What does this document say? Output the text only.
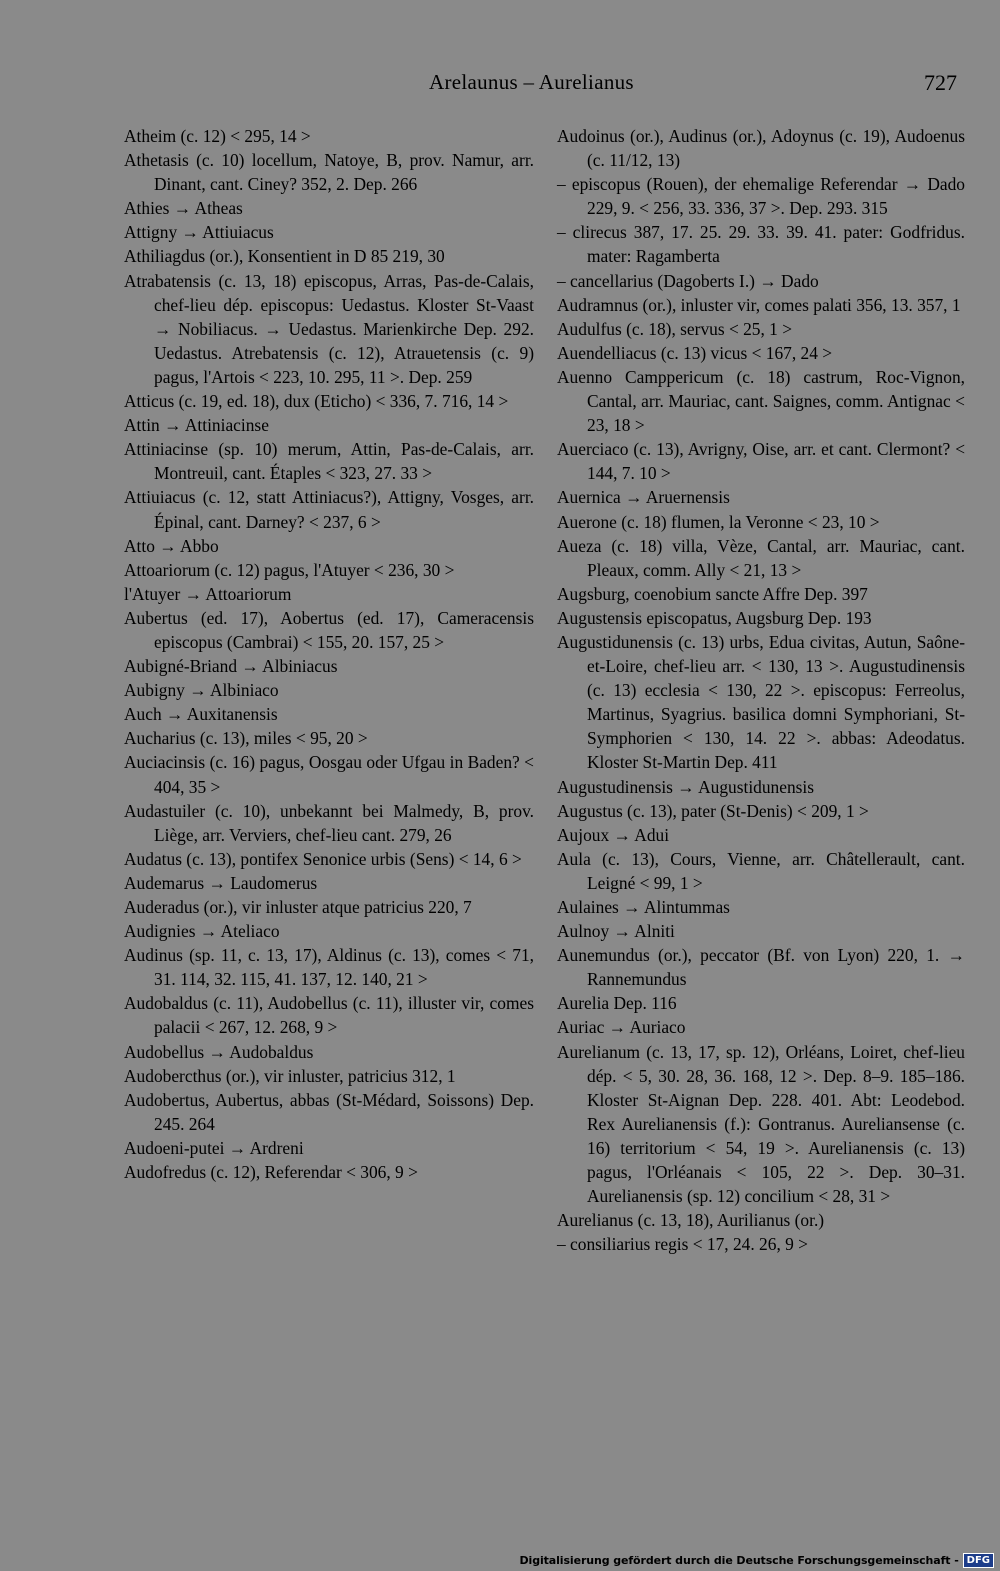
Arelaunus – Aurelianus	727
Atheim (c. 12) < 295, 14 >
Athetasis (c. 10) locellum, Natoye, B, prov. Namur, arr. Dinant, cant. Ciney? 352, 2. Dep. 266
Athies → Atheas
Attigny → Attiuiacus
Athiliagdus (or.), Konsentient in D 85 219, 30
Atrabatensis (c. 13, 18) episcopus, Arras, Pas-de-Calais, chef-lieu dép. episcopus: Uedastus. Kloster St-Vaast → Nobiliacus. → Uedastus. Marienkirche Dep. 292. Uedastus. Atrebatensis (c. 12), Atrauetensis (c. 9) pagus, l'Artois < 223, 10. 295, 11 >. Dep. 259
Atticus (c. 19, ed. 18), dux (Eticho) < 336, 7. 716, 14 >
Attin → Attiniacinse
Attiniacinse (sp. 10) merum, Attin, Pas-de-Calais, arr. Montreuil, cant. Étaples < 323, 27. 33 >
Attiuiacus (c. 12, statt Attiniacus?), Attigny, Vosges, arr. Épinal, cant. Darney? < 237, 6 >
Atto → Abbo
Attoariorum (c. 12) pagus, l'Atuyer < 236, 30 >
l'Atuyer → Attoariorum
Aubertus (ed. 17), Aobertus (ed. 17), Cameracensis episcopus (Cambrai) < 155, 20. 157, 25 >
Aubigné-Briand → Albiniacus
Aubigny → Albiniaco
Auch → Auxitanensis
Aucharius (c. 13), miles < 95, 20 >
Auciacinsis (c. 16) pagus, Oosgau oder Ufgau in Baden? < 404, 35 >
Audastuiler (c. 10), unbekannt bei Malmedy, B, prov. Liège, arr. Verviers, chef-lieu cant. 279, 26
Audatus (c. 13), pontifex Senonice urbis (Sens) < 14, 6 >
Audemarus → Laudomerus
Auderadus (or.), vir inluster atque patricius 220, 7
Audignies → Ateliaco
Audinus (sp. 11, c. 13, 17), Aldinus (c. 13), comes < 71, 31. 114, 32. 115, 41. 137, 12. 140, 21 >
Audobaldus (c. 11), Audobellus (c. 11), illuster vir, comes palacii < 267, 12. 268, 9 >
Audobellus → Audobaldus
Audobercthus (or.), vir inluster, patricius 312, 1
Audobertus, Aubertus, abbas (St-Médard, Soissons) Dep. 245. 264
Audoeni-putei → Ardreni
Audofredus (c. 12), Referendar < 306, 9 >
Audoinus (or.), Audinus (or.), Adoynus (c. 19), Audoenus (c. 11/12, 13)
– episcopus (Rouen), der ehemalige Referendar → Dado 229, 9. < 256, 33. 336, 37 >. Dep. 293. 315
– clirecus 387, 17. 25. 29. 33. 39. 41. pater: Godfridus. mater: Ragamberta
– cancellarius (Dagoberts I.) → Dado
Audramnus (or.), inluster vir, comes palati 356, 13. 357, 1
Audulfus (c. 18), servus < 25, 1 >
Auendelliacus (c. 13) vicus < 167, 24 >
Auenno Camppericum (c. 18) castrum, Roc-Vignon, Cantal, arr. Mauriac, cant. Saignes, comm. Antignac < 23, 18 >
Auerciaco (c. 13), Avrigny, Oise, arr. et cant. Clermont? < 144, 7. 10 >
Auernica → Aruernensis
Auerone (c. 18) flumen, la Veronne < 23, 10 >
Aueza (c. 18) villa, Vèze, Cantal, arr. Mauriac, cant. Pleaux, comm. Ally < 21, 13 >
Augsburg, coenobium sancte Affre Dep. 397
Augustensis episcopatus, Augsburg Dep. 193
Augustidunensis (c. 13) urbs, Edua civitas, Autun, Saône-et-Loire, chef-lieu arr. < 130, 13 >. Augustudinensis (c. 13) ecclesia < 130, 22 >. episcopus: Ferreolus, Martinus, Syagrius. basilica domni Symphoriani, St-Symphorien < 130, 14. 22 >. abbas: Adeodatus. Kloster St-Martin Dep. 411
Augustudinensis → Augustidunensis
Augustus (c. 13), pater (St-Denis) < 209, 1 >
Aujoux → Adui
Aula (c. 13), Cours, Vienne, arr. Châtellerault, cant. Leigné < 99, 1 >
Aulaines → Alintummas
Aulnoy → Alniti
Aunemundus (or.), peccator (Bf. von Lyon) 220, 1. → Rannemundus
Aurelia Dep. 116
Auriac → Auriaco
Aurelianum (c. 13, 17, sp. 12), Orléans, Loiret, chef-lieu dép. < 5, 30. 28, 36. 168, 12 >. Dep. 8–9. 185–186. Kloster St-Aignan Dep. 228. 401. Abt: Leodebod. Rex Aurelianensis (f.): Gontranus. Aureliansense (c. 16) territorium < 54, 19 >. Aurelianensis (c. 13) pagus, l'Orléanais < 105, 22 >. Dep. 30–31. Aurelianensis (sp. 12) concilium < 28, 31 >
Aurelianus (c. 13, 18), Aurilianus (or.)
– consiliarius regis < 17, 24. 26, 9 >
Digitalisierung gefördert durch die Deutsche Forschungsgemeinschaft - DFG
